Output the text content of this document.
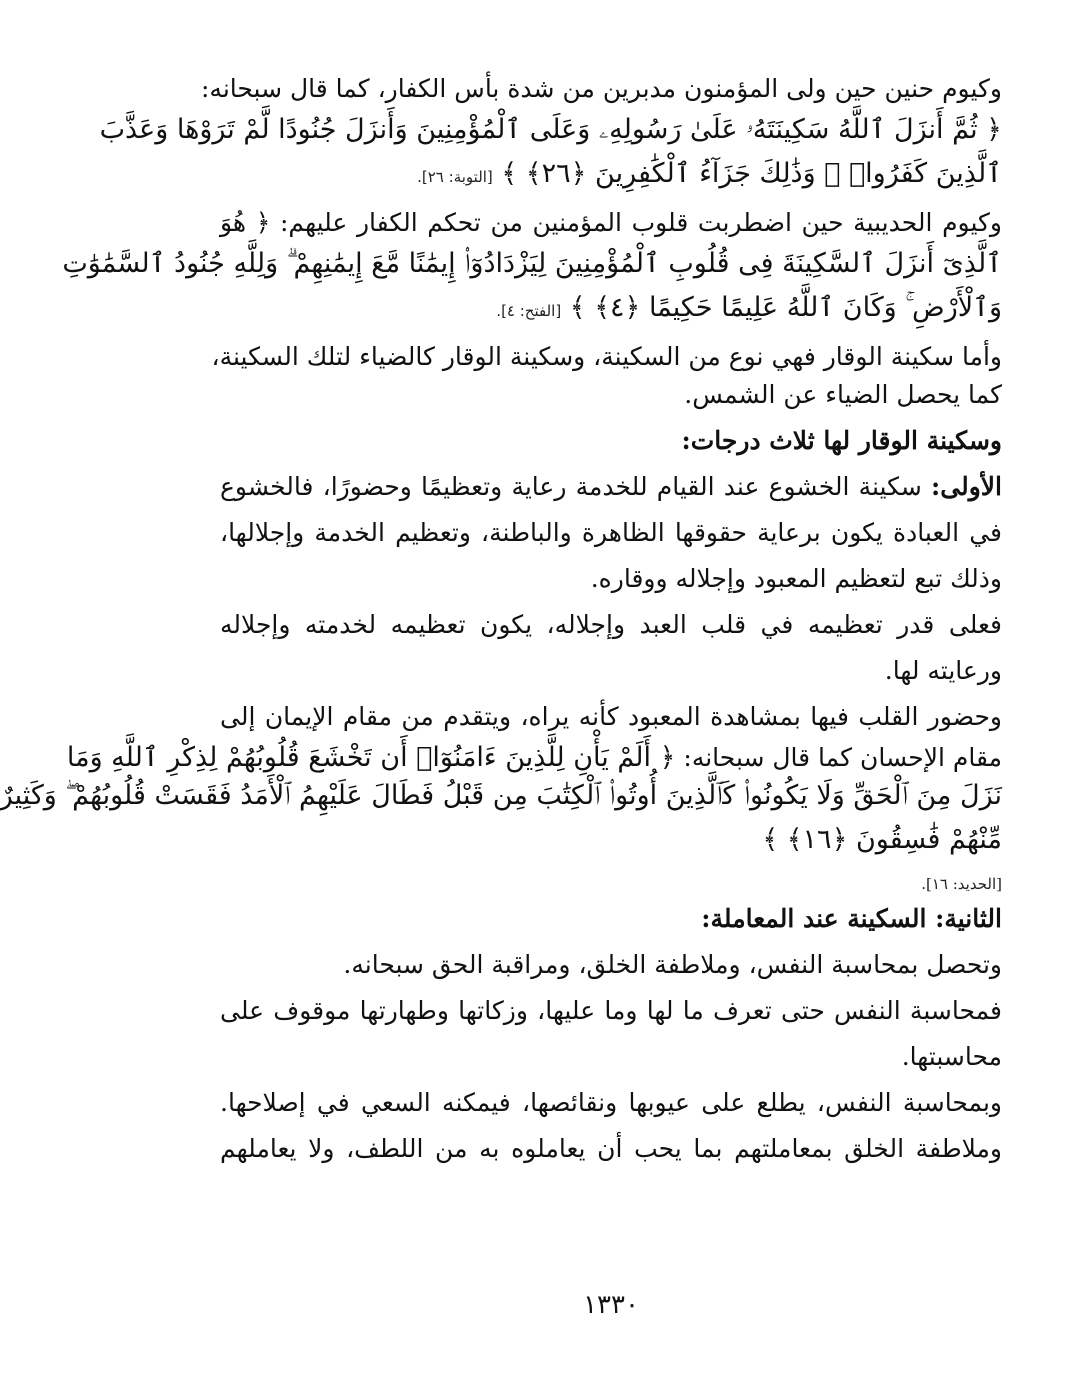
وكيوم حنين حين ولى المؤمنون مدبرين من شدة بأس الكفار، كما قال سبحانه:
﴿ ثُمَّ أَنزَلَ ٱللَّهُ سَكِينَتَهُۥ عَلَىٰ رَسُولِهِۦ وَعَلَى ٱلْمُؤْمِنِينَ وَأَنزَلَ جُنُودًا لَّمْ تَرَوْهَا وَعَذَّبَ
ٱلَّذِينَ كَفَرُوا۟ ۚ وَذَٰلِكَ جَزَآءُ ٱلْكَٰفِرِينَ ﴿٢٦﴾ ﴾ [التوبة: ٢٦].
وكيوم الحديبية حين اضطربت قلوب المؤمنين من تحكم الكفار عليهم: ﴿ هُوَ
ٱلَّذِىٓ أَنزَلَ ٱلسَّكِينَةَ فِى قُلُوبِ ٱلْمُؤْمِنِينَ لِيَزْدَادُوٓا۟ إِيمَٰنًا مَّعَ إِيمَٰنِهِمْ ۗ وَلِلَّهِ جُنُودُ ٱلسَّمَٰوَٰتِ
وَٱلْأَرْضِ ۚ وَكَانَ ٱللَّهُ عَلِيمًا حَكِيمًا ﴿٤﴾ ﴾ [الفتح: ٤].
وأما سكينة الوقار فهي نوع من السكينة، وسكينة الوقار كالضياء لتلك السكينة،
كما يحصل الضياء عن الشمس.
وسكينة الوقار لها ثلاث درجات:
الأولى: سكينة الخشوع عند القيام للخدمة رعاية وتعظيمًا وحضورًا، فالخشوع
في العبادة يكون برعاية حقوقها الظاهرة والباطنة، وتعظيم الخدمة وإجلالها،
وذلك تبع لتعظيم المعبود وإجلاله ووقاره.
فعلى قدر تعظيمه في قلب العبد وإجلاله، يكون تعظيمه لخدمته وإجلاله
ورعايته لها.
وحضور القلب فيها بمشاهدة المعبود كأنه يراه، ويتقدم من مقام الإيمان إلى
مقام الإحسان كما قال سبحانه: ﴿ أَلَمْ يَأْنِ لِلَّذِينَ ءَامَنُوٓا۟ أَن تَخْشَعَ قُلُوبُهُمْ لِذِكْرِ ٱللَّهِ وَمَا
نَزَلَ مِنَ ٱلْحَقِّ وَلَا يَكُونُوا۟ كَٱلَّذِينَ أُوتُوا۟ ٱلْكِتَٰبَ مِن قَبْلُ فَطَالَ عَلَيْهِمُ ٱلْأَمَدُ فَقَسَتْ قُلُوبُهُمْ ۖ وَكَثِيرٌ
مِّنْهُمْ فَٰسِقُونَ ﴿١٦﴾ ﴾
[الحديد: ١٦].
الثانية: السكينة عند المعاملة:
وتحصل بمحاسبة النفس، وملاطفة الخلق، ومراقبة الحق سبحانه.
فمحاسبة النفس حتى تعرف ما لها وما عليها، وزكاتها وطهارتها موقوف على
محاسبتها.
وبمحاسبة النفس، يطلع على عيوبها ونقائصها، فيمكنه السعي في إصلاحها.
وملاطفة الخلق بمعاملتهم بما يحب أن يعاملوه به من اللطف، ولا يعاملهم
١٣٣٠
